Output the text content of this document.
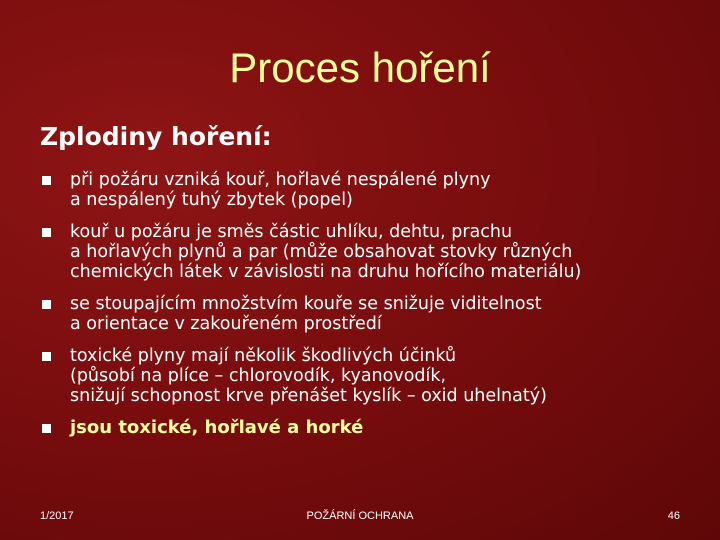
Proces hoření
Zplodiny hoření:
při požáru vzniká kouř, hořlavé nespálené plyny
a nespálený tuhý zbytek (popel)
kouř u požáru je směs částic uhlíku, dehtu, prachu
a hořlavých plynů a par (může obsahovat stovky různých
chemických látek v závislosti na druhu hořícího materiálu)
se stoupajícím množstvím kouře se snižuje viditelnost
a orientace v zakouřeném prostředí
toxické plyny mají několik škodlivých účinků
(působí na plíce – chlorovodík, kyanovodík,
snižují schopnost krve přenášet kyslík – oxid uhelnatý)
jsou toxické, hořlavé a horké
1/2017	POŽÁRNÍ OCHRANA	46
